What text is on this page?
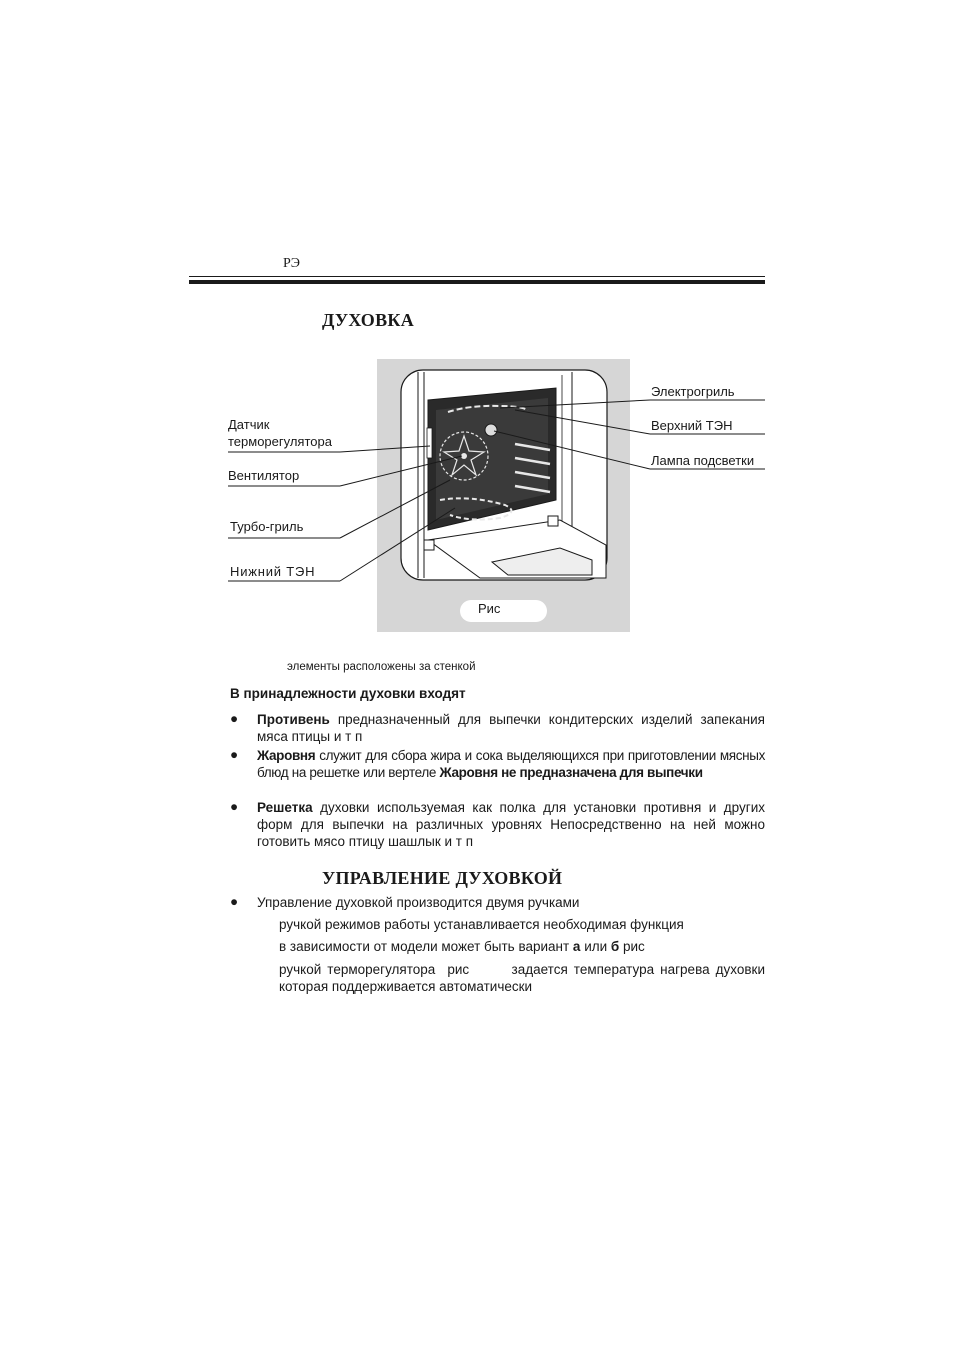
РЭ
ДУХОВКА
Датчик
терморегулятора
Вентилятор
Турбо-гриль
Нижний ТЭН
Электрогриль
Верхний ТЭН
Лампа подсветки
Рис
элементы расположены за стенкой
В принадлежности духовки входят
● Противень предназначенный для выпечки кондитерских изделий запекания мяса птицы и т п
● Жаровня служит для сбора жира и сока выделяющихся при приготовлении мясных блюд на решетке или вертеле Жаровня не предназначена для выпечки
● Решетка духовки используемая как полка для установки противня и других форм для выпечки на различных уровнях Непосредственно на ней можно готовить мясо птицу шашлык и т п
УПРАВЛЕНИЕ ДУХОВКОЙ
● Управление духовкой производится двумя ручками
ручкой режимов работы устанавливается необходимая функция
в зависимости от модели может быть вариант а или б рис
ручкой терморегулятора  рис       задается температура нагрева духовки  которая поддерживается автоматически
